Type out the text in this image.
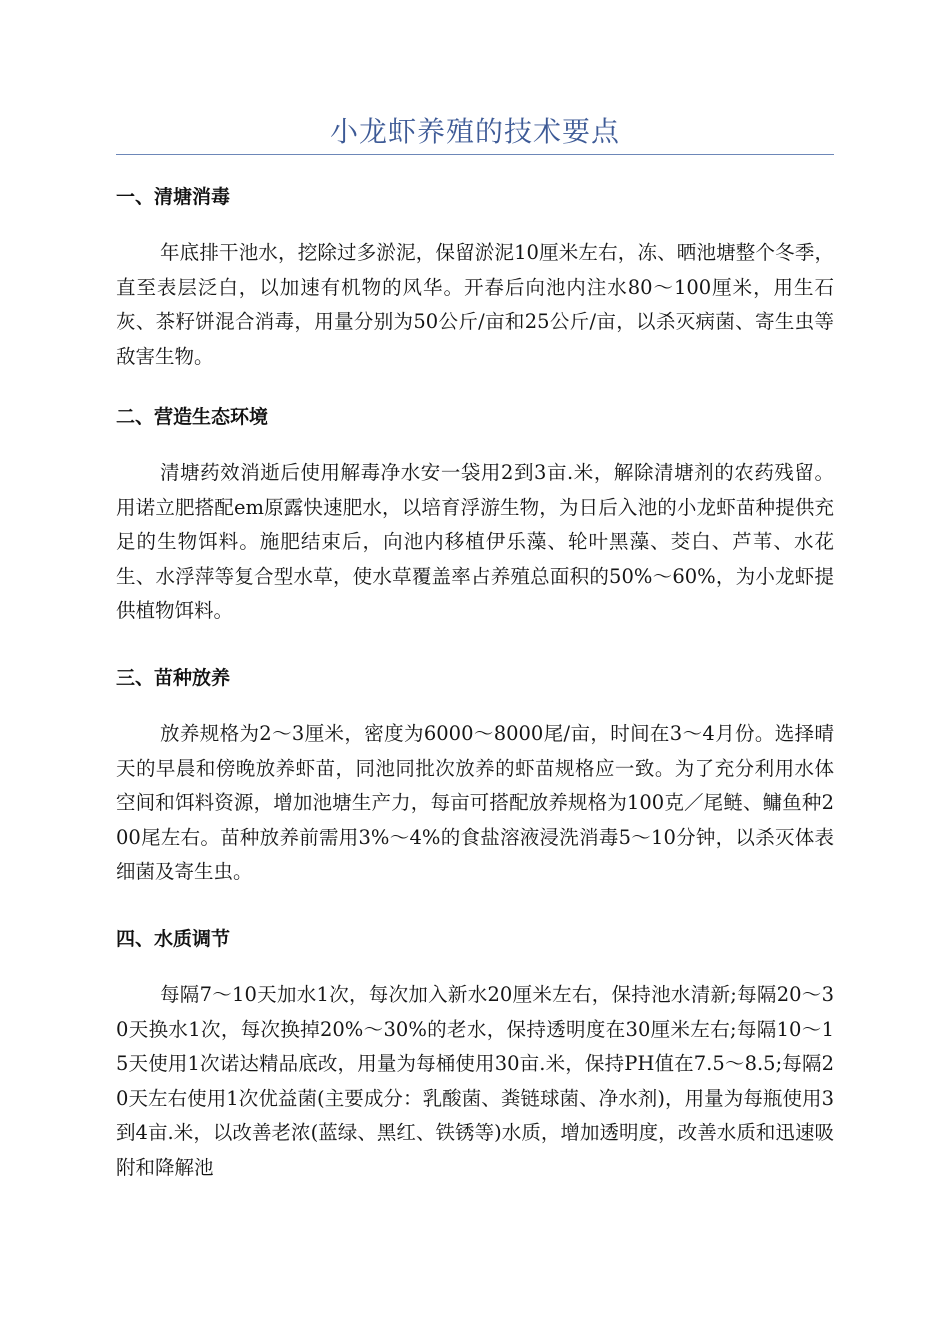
小龙虾养殖的技术要点
一、清塘消毒

年底排干池水，挖除过多淤泥，保留淤泥10厘米左右，冻、晒池塘整个冬季，直至表层泛白，以加速有机物的风华。开春后向池内注水80～100厘米，用生石灰、茶籽饼混合消毒，用量分别为50公斤/亩和25公斤/亩，以杀灭病菌、寄生虫等敌害生物。

二、营造生态环境

清塘药效消逝后使用解毒净水安一袋用2到3亩.米，解除清塘剂的农药残留。用诺立肥搭配em原露快速肥水，以培育浮游生物，为日后入池的小龙虾苗种提供充足的生物饵料。施肥结束后，向池内移植伊乐藻、轮叶黑藻、茭白、芦苇、水花生、水浮萍等复合型水草，使水草覆盖率占养殖总面积的50%～60%，为小龙虾提供植物饵料。

三、苗种放养

放养规格为2～3厘米，密度为6000～8000尾/亩，时间在3～4月份。选择晴天的早晨和傍晚放养虾苗，同池同批次放养的虾苗规格应一致。为了充分利用水体空间和饵料资源，增加池塘生产力，每亩可搭配放养规格为100克／尾鲢、鳙鱼种200尾左右。苗种放养前需用3%～4%的食盐溶液浸洗消毒5～10分钟，以杀灭体表细菌及寄生虫。

四、水质调节

每隔7～10天加水1次，每次加入新水20厘米左右，保持池水清新;每隔20～30天换水1次，每次换掉20%～30%的老水，保持透明度在30厘米左右;每隔10～15天使用1次诺达精品底改，用量为每桶使用30亩.米，保持PH值在7.5～8.5;每隔20天左右使用1次优益菌(主要成分：乳酸菌、粪链球菌、净水剂)，用量为每瓶使用3到4亩.米，以改善老浓(蓝绿、黑红、铁锈等)水质，增加透明度，改善水质和迅速吸附和降解池
